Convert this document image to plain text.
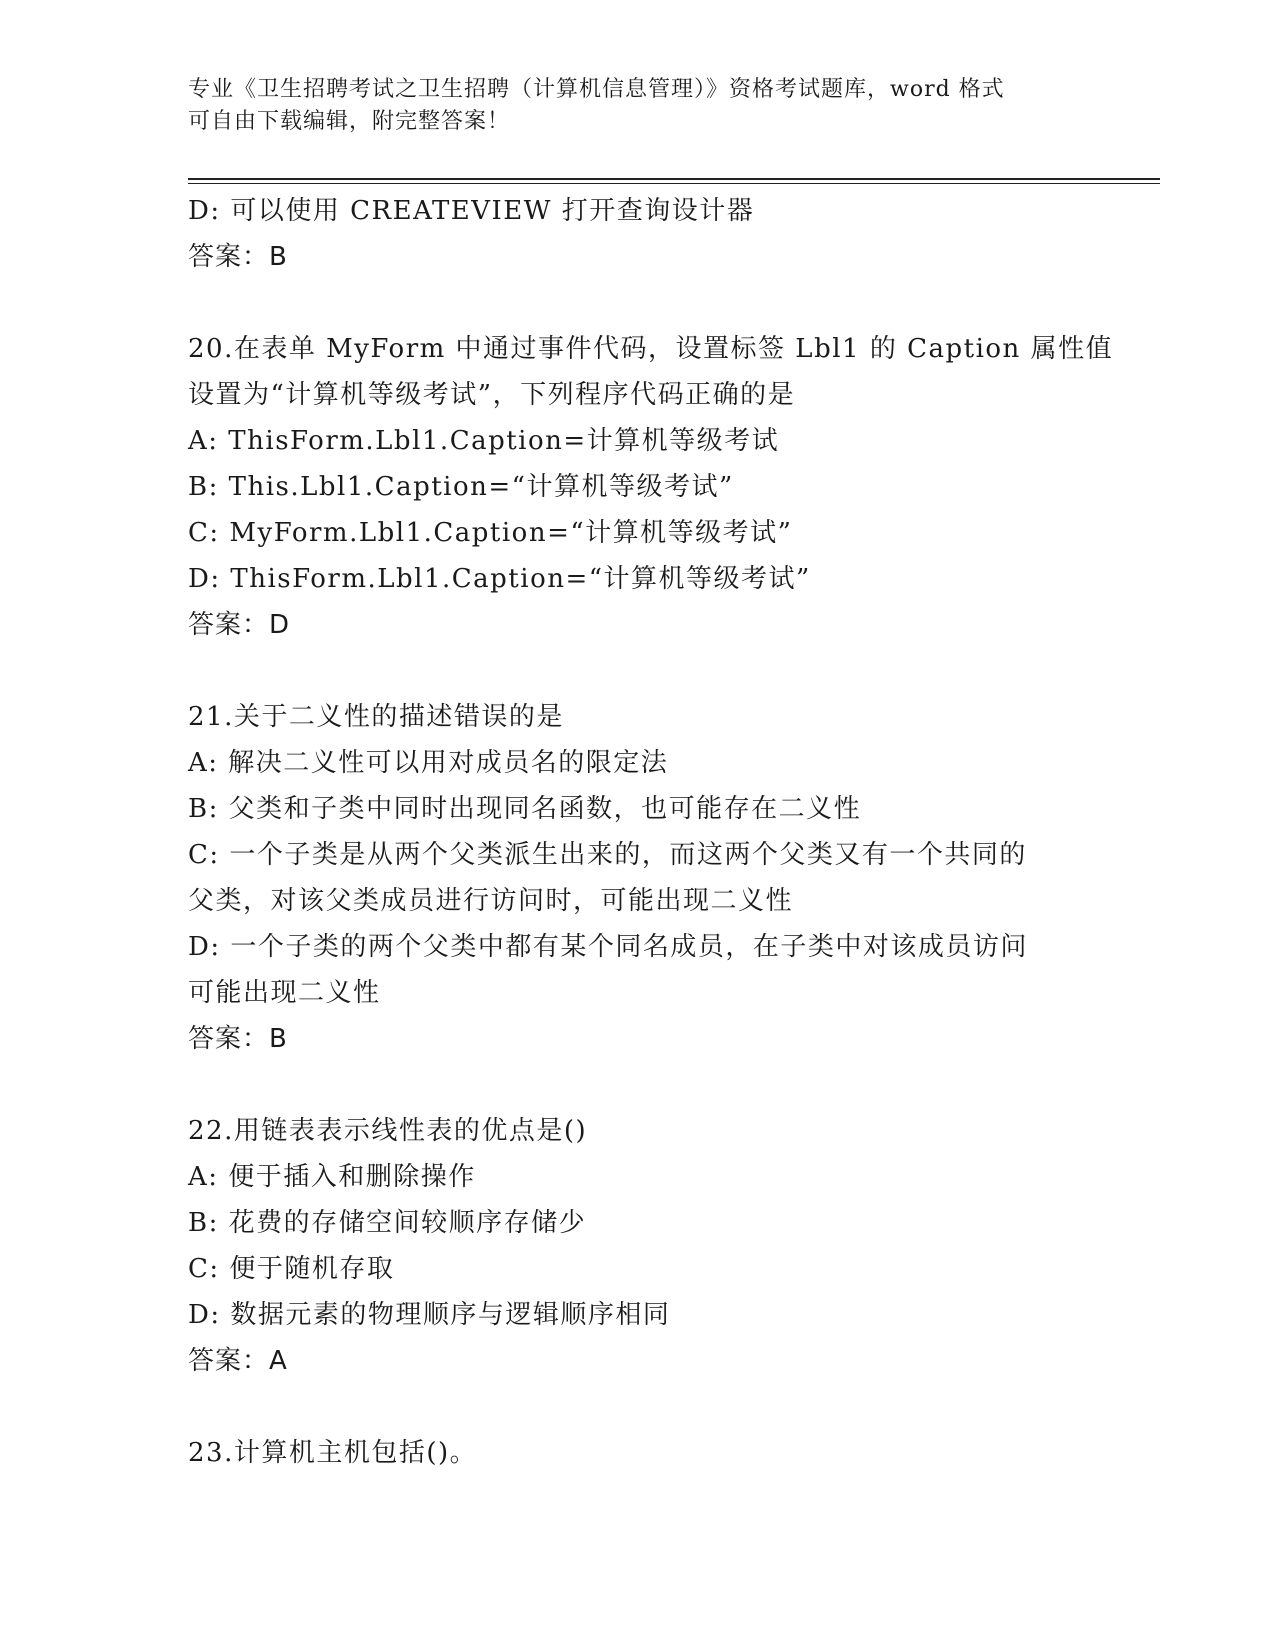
专业《卫生招聘考试之卫生招聘（计算机信息管理）》资格考试题库，word 格式
可自由下载编辑，附完整答案！
D: 可以使用 CREATEVIEW 打开查询设计器
答案：B
20.在表单 MyForm 中通过事件代码，设置标签 Lbl1 的 Caption 属性值
设置为“计算机等级考试”，下列程序代码正确的是
A: ThisForm.Lbl1.Caption=计算机等级考试
B: This.Lbl1.Caption=“计算机等级考试”
C: MyForm.Lbl1.Caption=“计算机等级考试”
D: ThisForm.Lbl1.Caption=“计算机等级考试”
答案：D
21.关于二义性的描述错误的是
A: 解决二义性可以用对成员名的限定法
B: 父类和子类中同时出现同名函数，也可能存在二义性
C: 一个子类是从两个父类派生出来的，而这两个父类又有一个共同的
父类，对该父类成员进行访问时，可能出现二义性
D: 一个子类的两个父类中都有某个同名成员，在子类中对该成员访问
可能出现二义性
答案：B
22.用链表表示线性表的优点是()
A: 便于插入和删除操作
B: 花费的存储空间较顺序存储少
C: 便于随机存取
D: 数据元素的物理顺序与逻辑顺序相同
答案：A
23.计算机主机包括()。
